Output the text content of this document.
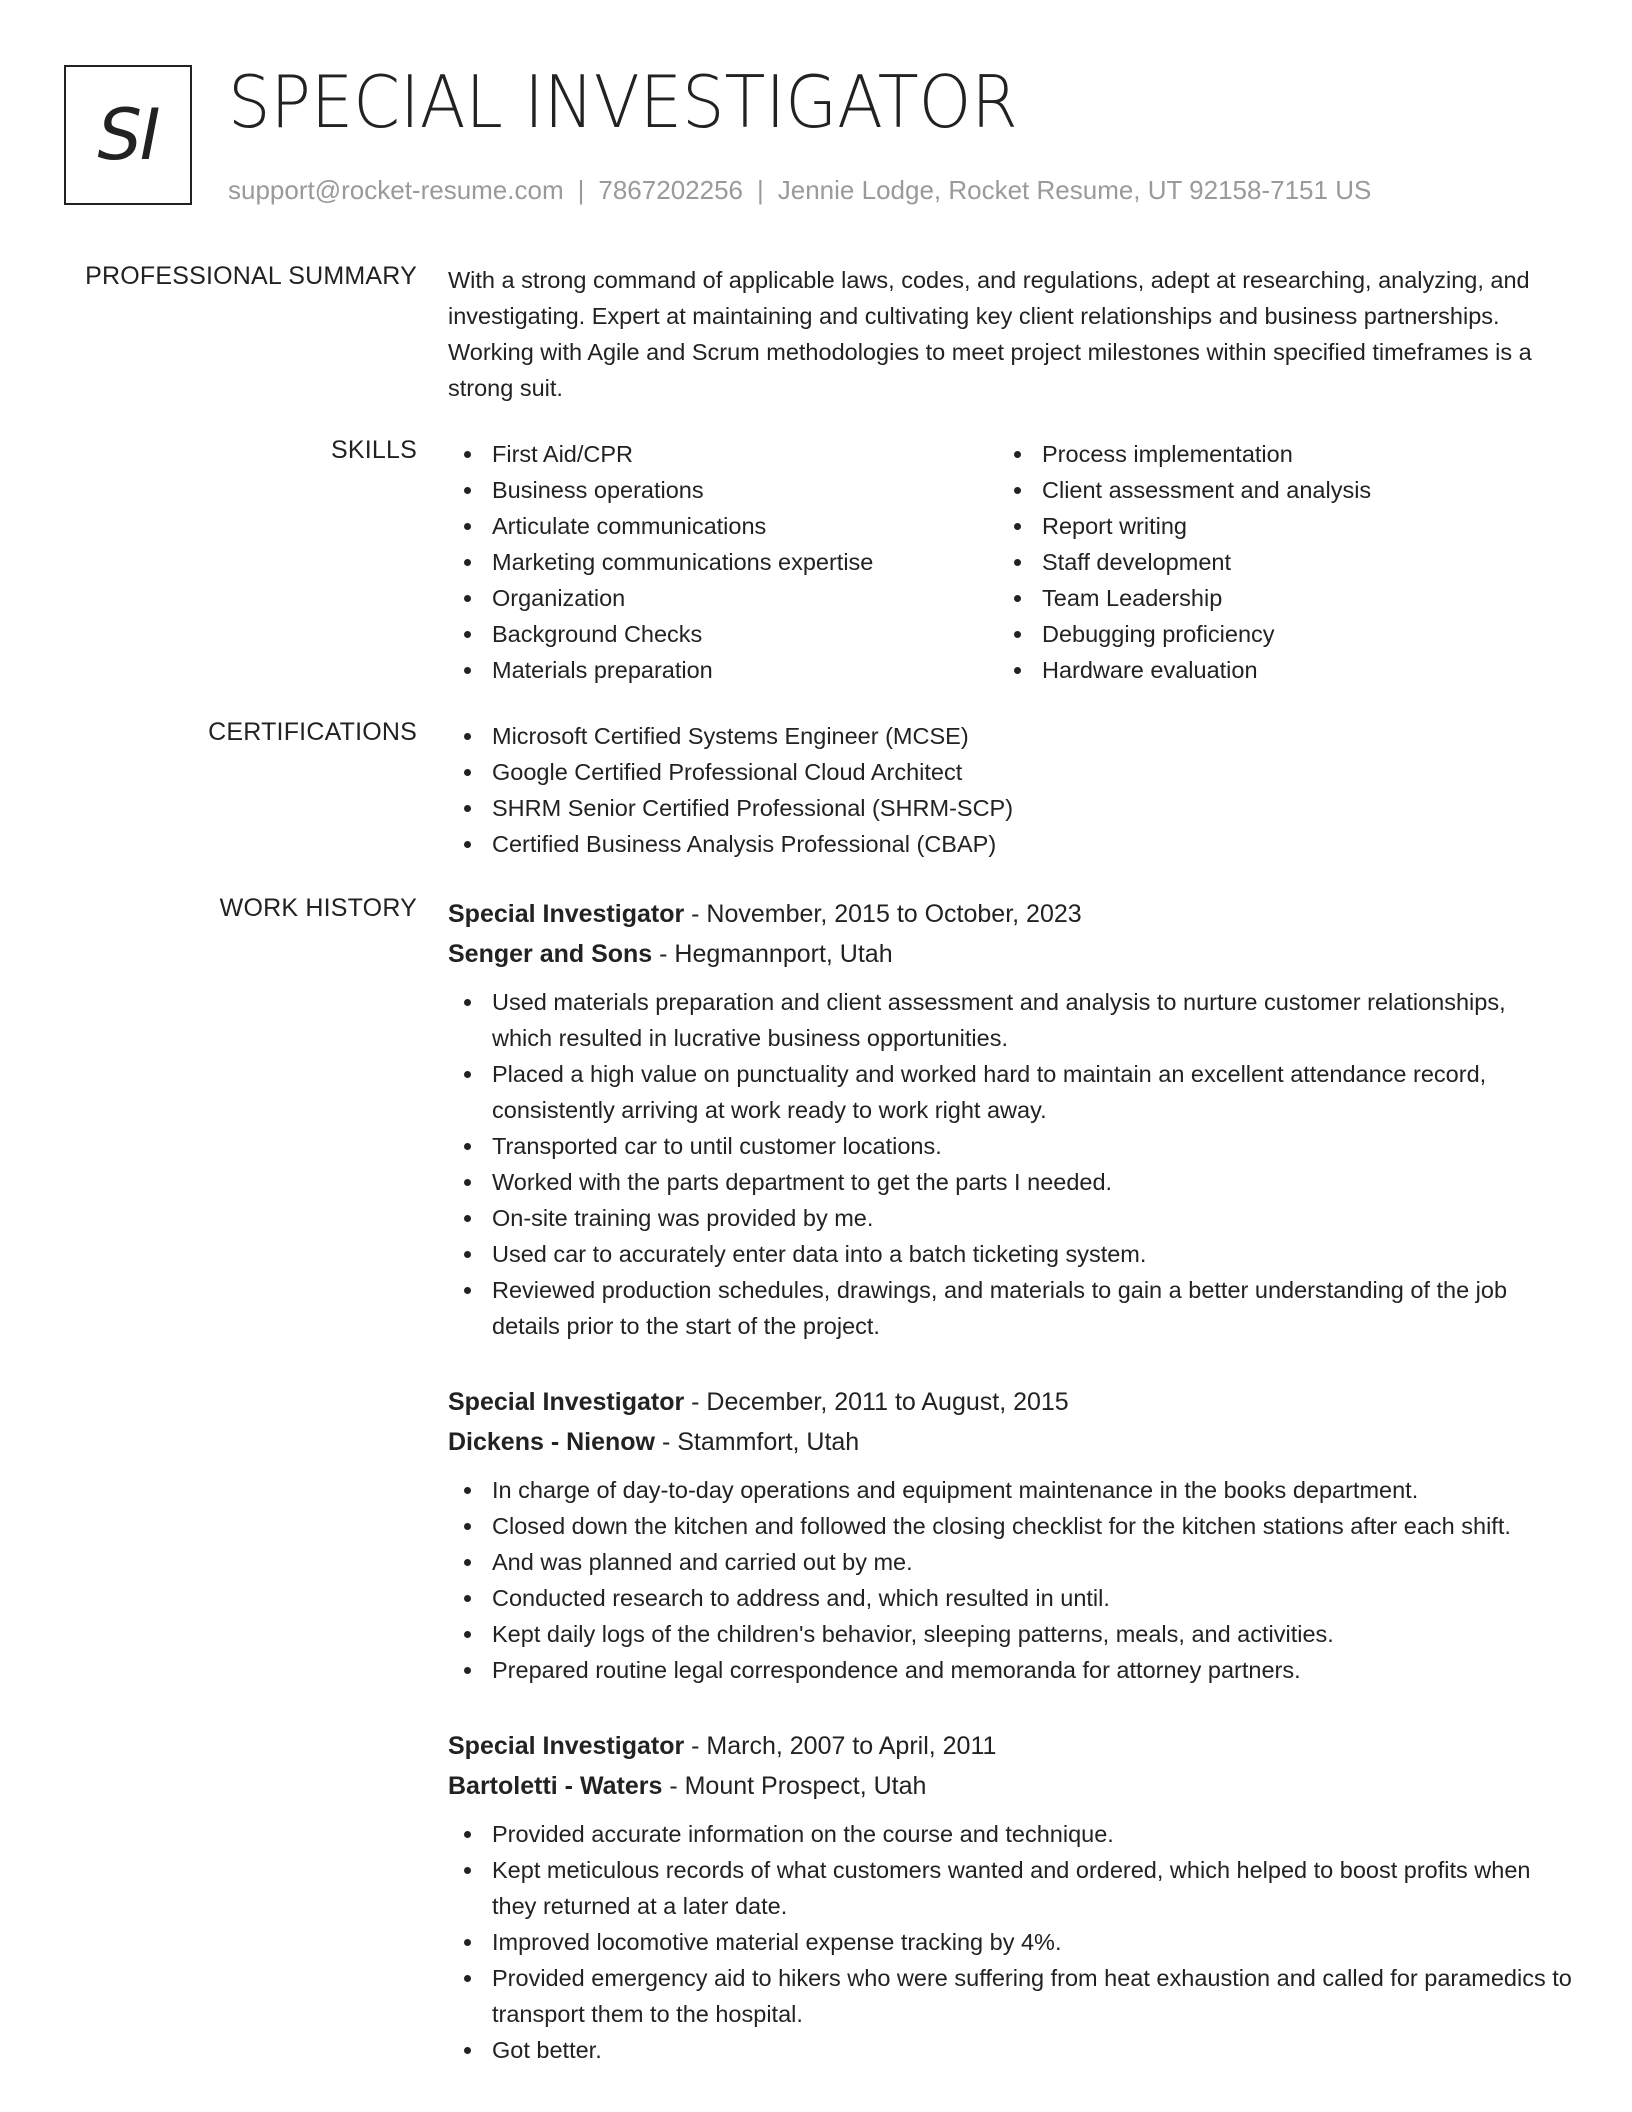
SI SPECIAL INVESTIGATOR
support@rocket-resume.com | 7867202256 | Jennie Lodge, Rocket Resume, UT 92158-7151 US
PROFESSIONAL SUMMARY With a strong command of applicable laws, codes, and regulations, adept at researching, analyzing, and investigating. Expert at maintaining and cultivating key client relationships and business partnerships. Working with Agile and Scrum methodologies to meet project milestones within specified timeframes is a strong suit.

SKILLS	First Aid/CPR
Business operations
Articulate communications
Marketing communications expertise
Organization
Background Checks
Materials preparation
Process implementation
Client assessment and analysis
Report writing
Staff development
Team Leadership
Debugging proficiency
Hardware evaluation
CERTIFICATIONS	Microsoft Certified Systems Engineer (MCSE)
Google Certified Professional Cloud Architect
SHRM Senior Certified Professional (SHRM-SCP)
Certified Business Analysis Professional (CBAP)
WORK HISTORY Special Investigator - November, 2015 to October, 2023
Senger and Sons - Hegmannport, Utah
Used materials preparation and client assessment and analysis to nurture customer relationships, which resulted in lucrative business opportunities.
Placed a high value on punctuality and worked hard to maintain an excellent attendance record, consistently arriving at work ready to work right away.
Transported car to until customer locations.
Worked with the parts department to get the parts I needed.
On-site training was provided by me.
Used car to accurately enter data into a batch ticketing system.
Reviewed production schedules, drawings, and materials to gain a better understanding of the job details prior to the start of the project.
Special Investigator - December, 2011 to August, 2015
Dickens - Nienow - Stammfort, Utah
In charge of day-to-day operations and equipment maintenance in the books department.
Closed down the kitchen and followed the closing checklist for the kitchen stations after each shift.
And was planned and carried out by me.
Conducted research to address and, which resulted in until.
Kept daily logs of the children's behavior, sleeping patterns, meals, and activities.
Prepared routine legal correspondence and memoranda for attorney partners.
Special Investigator - March, 2007 to April, 2011
Bartoletti - Waters - Mount Prospect, Utah
Provided accurate information on the course and technique.
Kept meticulous records of what customers wanted and ordered, which helped to boost profits when they returned at a later date.
Improved locomotive material expense tracking by 4%.
Provided emergency aid to hikers who were suffering from heat exhaustion and called for paramedics to transport them to the hospital.
Got better.
